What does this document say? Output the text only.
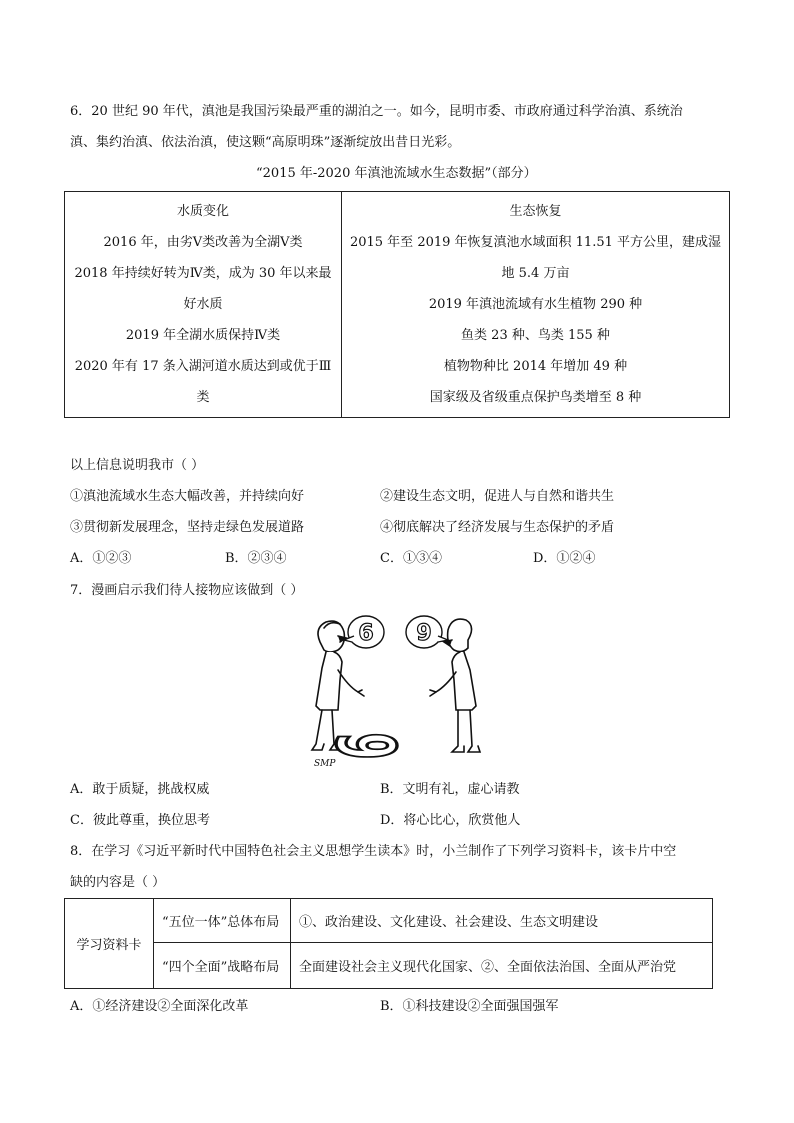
6．20 世纪 90 年代，滇池是我国污染最严重的湖泊之一。如今，昆明市委、市政府通过科学治滇、系统治
滇、集约治滇、依法治滇，使这颗“高原明珠”逐渐绽放出昔日光彩。
“2015 年-2020 年滇池流域水生态数据”（部分）
水质变化
2016 年，由劣Ⅴ类改善为全湖Ⅴ类
2018 年持续好转为Ⅳ类，成为 30 年以来最
好水质
2019 年全湖水质保持Ⅳ类
2020 年有 17 条入湖河道水质达到或优于Ⅲ
类

生态恢复
2015 年至 2019 年恢复滇池水域面积 11.51 平方公里，建成湿
地 5.4 万亩
2019 年滇池流域有水生植物 290 种
鱼类 23 种、鸟类 155 种
植物物种比 2014 年增加 49 种
国家级及省级重点保护鸟类增至 8 种
以上信息说明我市（ ）
①滇池流域水生态大幅改善，并持续向好	②建设生态文明，促进人与自然和谐共生
③贯彻新发展理念，坚持走绿色发展道路	④彻底解决了经济发展与生态保护的矛盾
A．①②③	B．②③④	C．①③④	D．①②④
7．漫画启示我们待人接物应该做到（ ）
6 9
6
SMP
A．敢于质疑，挑战权威	B．文明有礼，虚心请教
C．彼此尊重，换位思考	D．将心比心，欣赏他人
8．在学习《习近平新时代中国特色社会主义思想学生读本》时，小兰制作了下列学习资料卡，该卡片中空
缺的内容是（ ）
学习资料卡	“五位一体”总体布局	①、政治建设、文化建设、社会建设、生态文明建设
	“四个全面”战略布局	全面建设社会主义现代化国家、②、全面依法治国、全面从严治党
A．①经济建设②全面深化改革	B．①科技建设②全面强国强军
